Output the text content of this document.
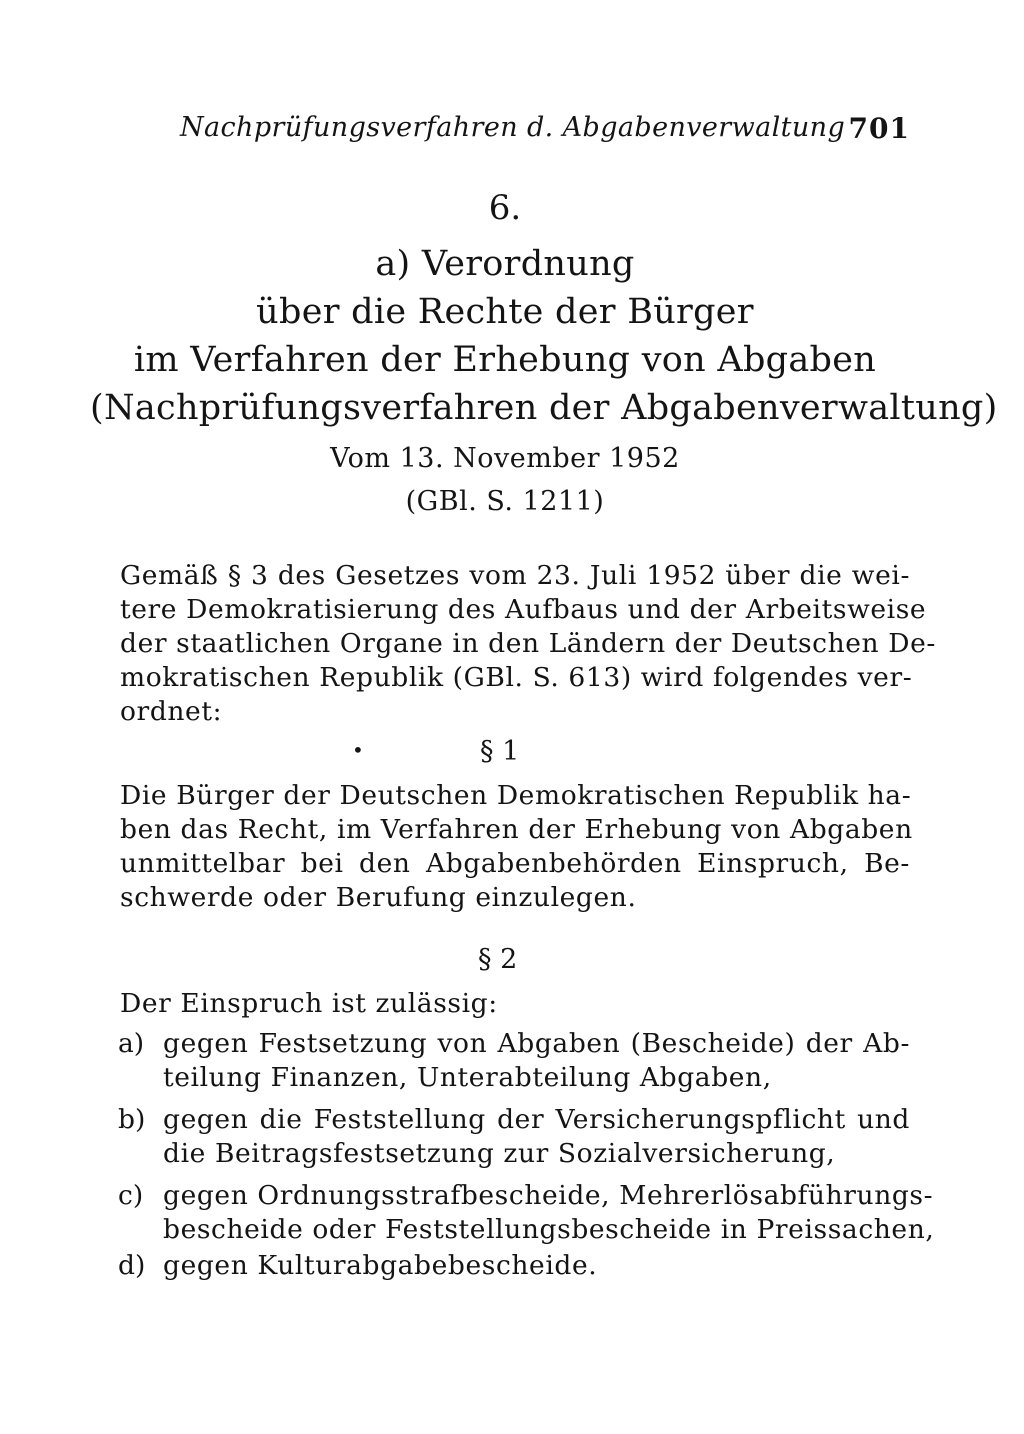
Nachprüfungsverfahren d. Abgabenverwaltung 701
6.
a) Verordnung
über die Rechte der Bürger
im Verfahren der Erhebung von Abgaben
(Nachprüfungsverfahren der Abgabenverwaltung)
Vom 13. November 1952
(GBl. S. 1211)
Gemäß § 3 des Gesetzes vom 23. Juli 1952 über die wei-
tere Demokratisierung des Aufbaus und der Arbeitsweise
der staatlichen Organe in den Ländern der Deutschen De-
mokratischen Republik (GBl. S. 613) wird folgendes ver-
ordnet:
•	§ 1
Die Bürger der Deutschen Demokratischen Republik ha-
ben das Recht, im Verfahren der Erhebung von Abgaben
unmittelbar bei den Abgabenbehörden Einspruch, Be-
schwerde oder Berufung einzulegen.
§ 2
Der Einspruch ist zulässig:
a) gegen Festsetzung von Abgaben (Bescheide) der Ab-
teilung Finanzen, Unterabteilung Abgaben,
b) gegen die Feststellung der Versicherungspflicht und
die Beitragsfestsetzung zur Sozialversicherung,
c) gegen Ordnungsstrafbescheide, Mehrerlösabführungs-
bescheide oder Feststellungsbescheide in Preissachen,
d) gegen Kulturabgabebescheide.
